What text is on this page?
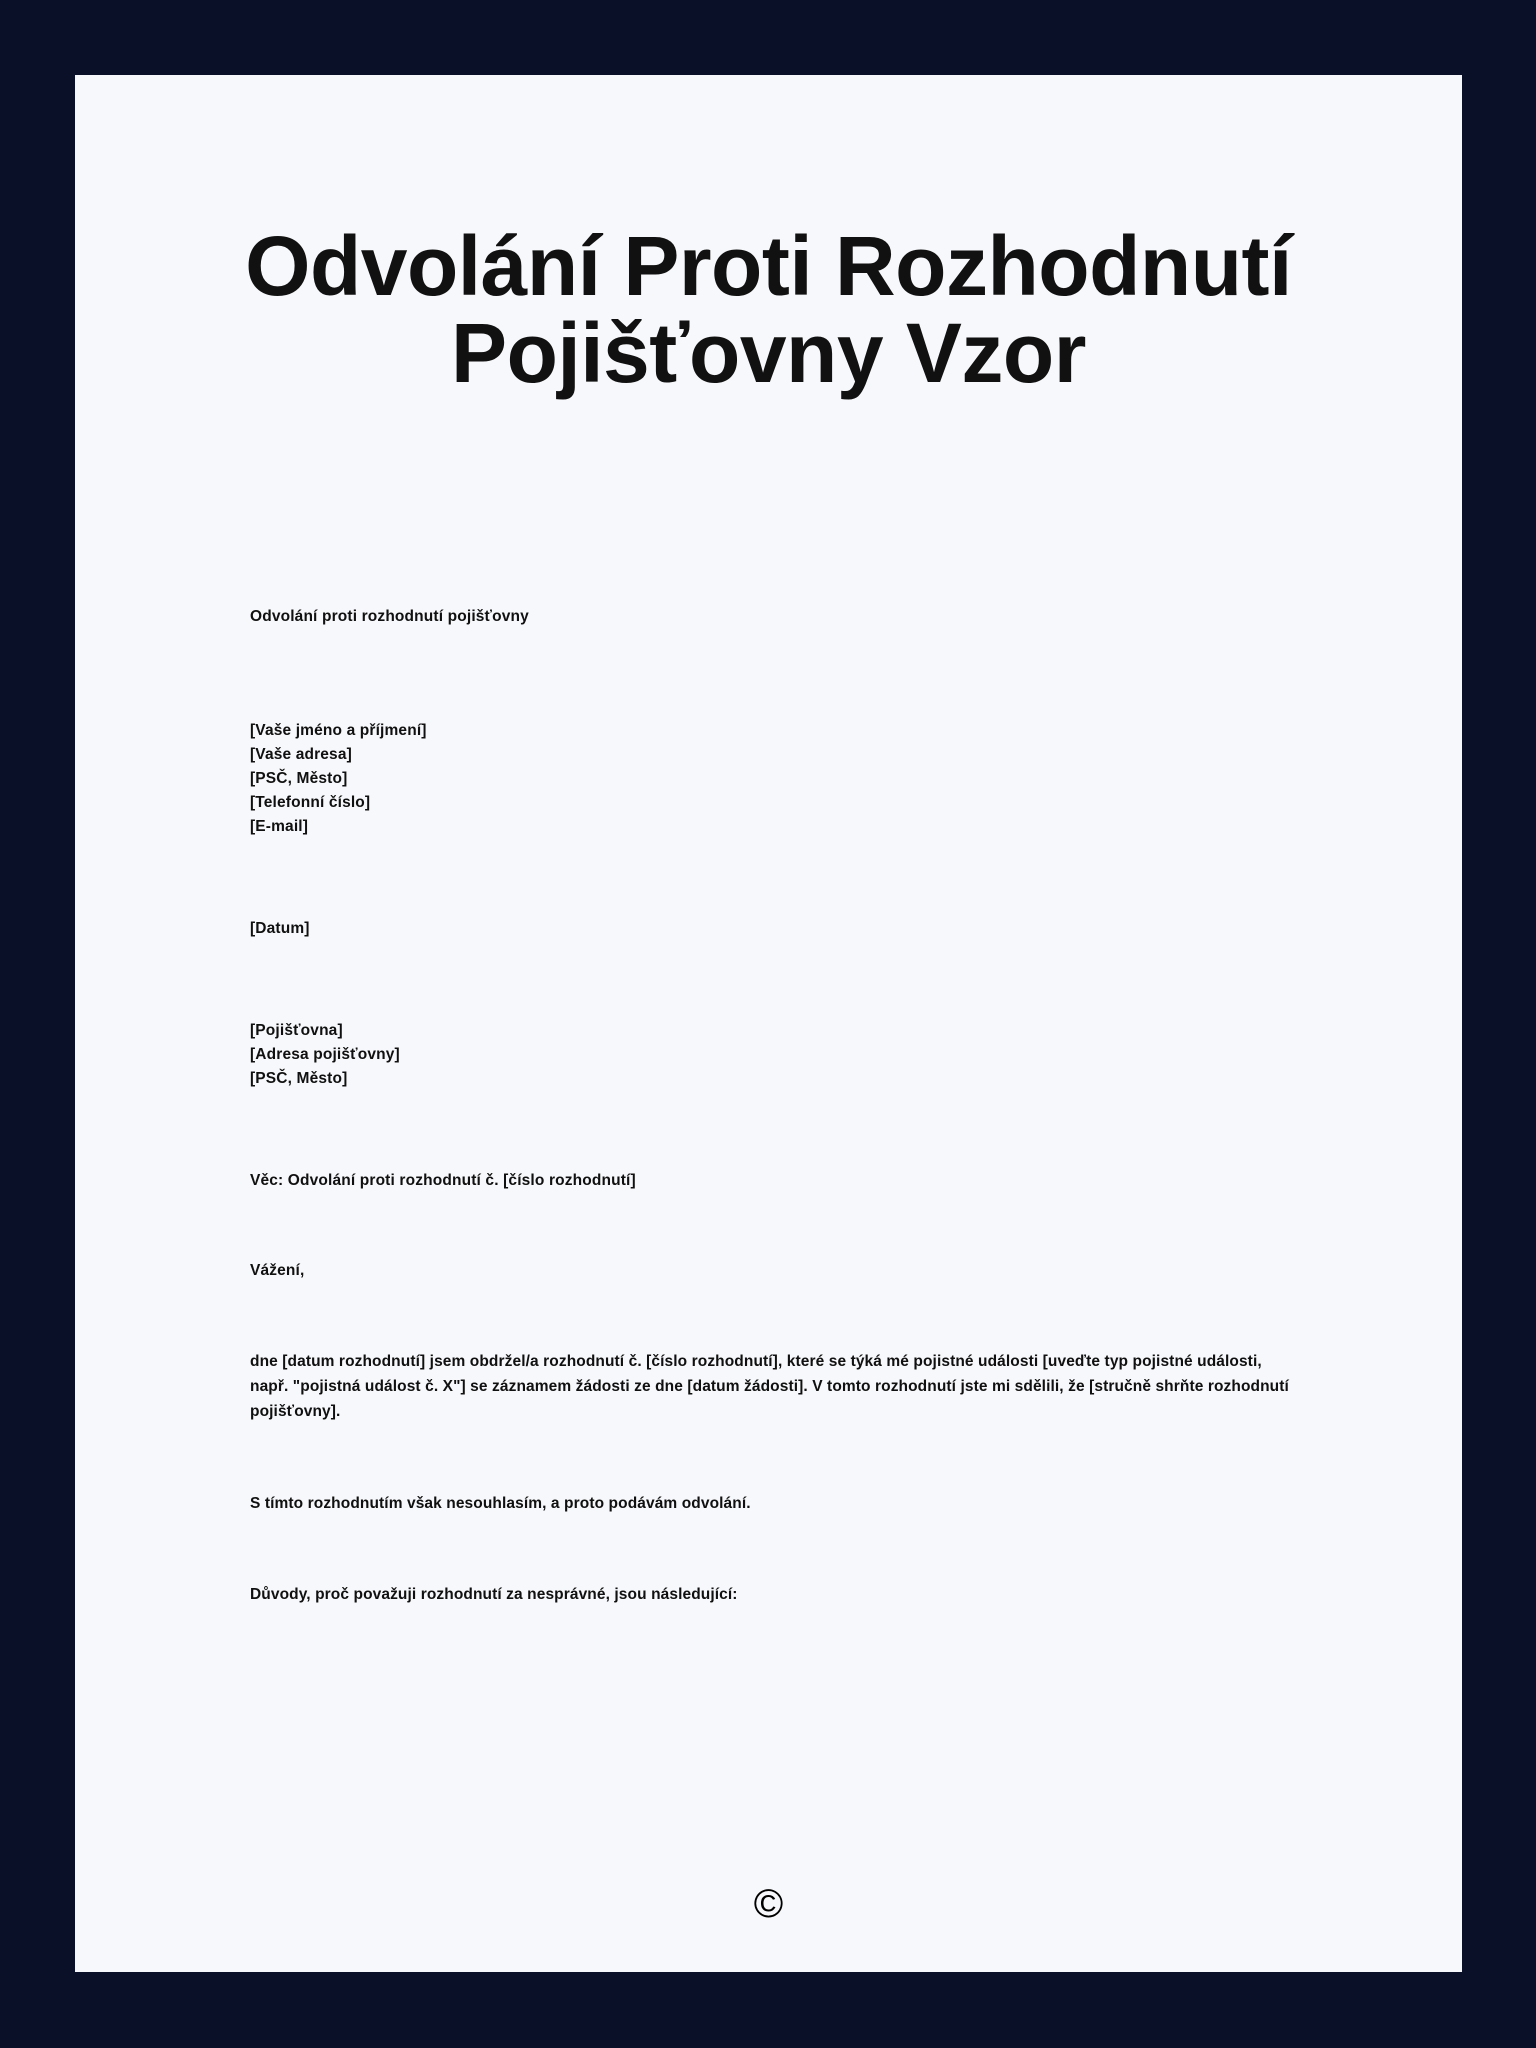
Odvolání Proti Rozhodnutí Pojišťovny Vzor
Odvolání proti rozhodnutí pojišťovny
[Vaše jméno a příjmení]
[Vaše adresa]
[PSČ, Město]
[Telefonní číslo]
[E-mail]
[Datum]
[Pojišťovna]
[Adresa pojišťovny]
[PSČ, Město]
Věc: Odvolání proti rozhodnutí č. [číslo rozhodnutí]
Vážení,
dne [datum rozhodnutí] jsem obdržel/a rozhodnutí č. [číslo rozhodnutí], které se týká mé pojistné události [uveďte typ pojistné události, např. "pojistná událost č. X"] se záznamem žádosti ze dne [datum žádosti]. V tomto rozhodnutí jste mi sdělili, že [stručně shrňte rozhodnutí pojišťovny].
S tímto rozhodnutím však nesouhlasím, a proto podávám odvolání.
Důvody, proč považuji rozhodnutí za nesprávné, jsou následující:
©
